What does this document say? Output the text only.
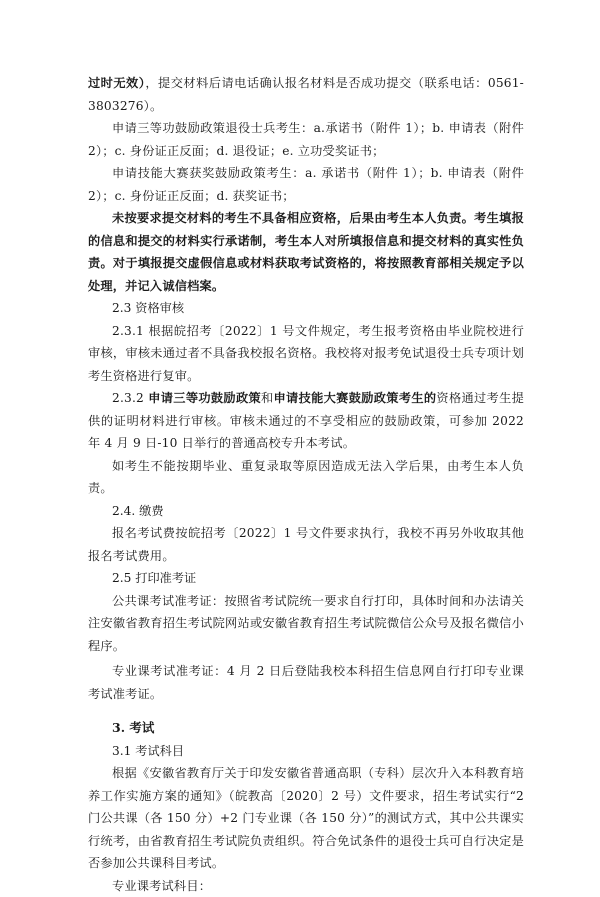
过时无效），提交材料后请电话确认报名材料是否成功提交（联系电话：0561-3803276）。

申请三等功鼓励政策退役士兵考生：a.承诺书（附件 1）；b. 申请表（附件 2）；c. 身份证正反面；d. 退役证；e. 立功受奖证书；

申请技能大赛获奖鼓励政策考生：a. 承诺书（附件 1）；b. 申请表（附件 2）；c. 身份证正反面；d. 获奖证书；

未按要求提交材料的考生不具备相应资格，后果由考生本人负责。考生填报的信息和提交的材料实行承诺制，考生本人对所填报信息和提交材料的真实性负责。对于填报提交虚假信息或材料获取考试资格的，将按照教育部相关规定予以处理，并记入诚信档案。

2.3 资格审核

2.3.1 根据皖招考〔2022〕1 号文件规定，考生报考资格由毕业院校进行审核，审核未通过者不具备我校报名资格。我校将对报考免试退役士兵专项计划考生资格进行复审。

2.3.2 申请三等功鼓励政策和申请技能大赛鼓励政策考生的资格通过考生提供的证明材料进行审核。审核未通过的不享受相应的鼓励政策，可参加 2022 年 4 月 9 日-10 日举行的普通高校专升本考试。

如考生不能按期毕业、重复录取等原因造成无法入学后果，由考生本人负责。

2.4. 缴费

报名考试费按皖招考〔2022〕1 号文件要求执行，我校不再另外收取其他报名考试费用。

2.5 打印准考证

公共课考试准考证：按照省考试院统一要求自行打印，具体时间和办法请关注安徽省教育招生考试院网站或安徽省教育招生考试院微信公众号及报名微信小程序。

专业课考试准考证：4 月 2 日后登陆我校本科招生信息网自行打印专业课考试准考证。

3. 考试

3.1 考试科目

根据《安徽省教育厅关于印发安徽省普通高职（专科）层次升入本科教育培养工作实施方案的通知》（皖教高〔2020〕2 号）文件要求，招生考试实行“2 门公共课（各 150 分）+2 门专业课（各 150 分）”的测试方式，其中公共课实行统考，由省教育招生考试院负责组织。符合免试条件的退役士兵可自行决定是否参加公共课科目考试。

专业课考试科目：
